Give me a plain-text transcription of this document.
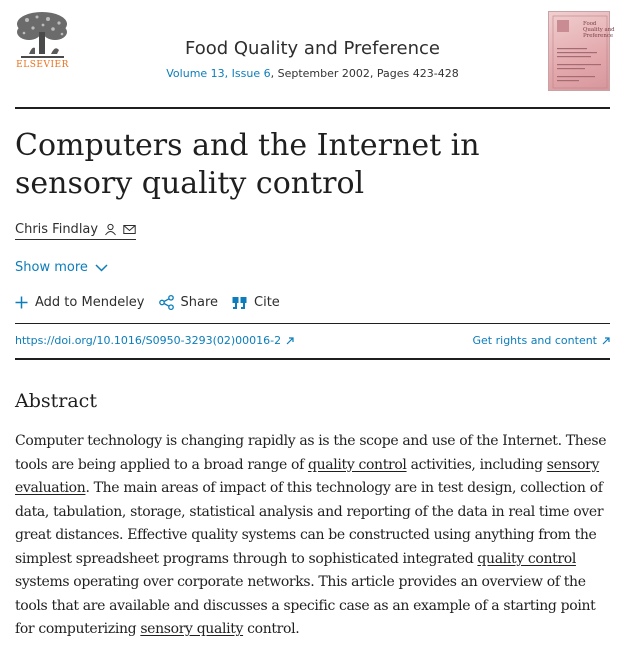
ELSEVIER
Food Quality and Preference
Volume 13, Issue 6, September 2002, Pages 423-428
Food
Quality and
Preference
Computers and the Internet in sensory quality control
Chris Findlay
Show more
Add to Mendeley	Share	Cite
https://doi.org/10.1016/S0950-3293(02)00016-2	Get rights and content
Abstract

Computer technology is changing rapidly as is the scope and use of the Internet. These tools are being applied to a broad range of quality control activities, including sensory evaluation. The main areas of impact of this technology are in test design, collection of data, tabulation, storage, statistical analysis and reporting of the data in real time over great distances. Effective quality systems can be constructed using anything from the simplest spreadsheet programs through to sophisticated integrated quality control systems operating over corporate networks. This article provides an overview of the tools that are available and discusses a specific case as an example of a starting point for computerizing sensory quality control.
